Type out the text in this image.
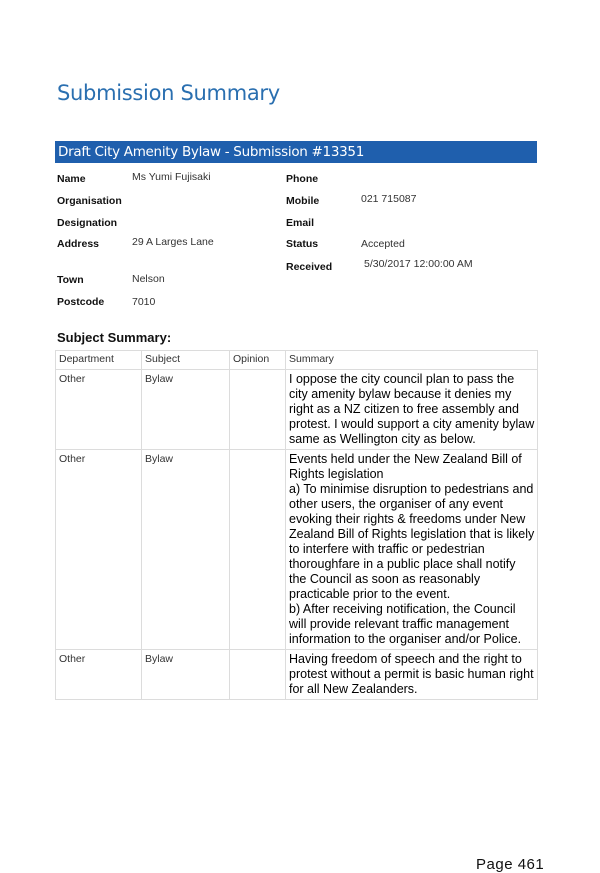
Submission Summary
Draft City Amenity Bylaw - Submission #13351
Name	Ms Yumi Fujisaki
Organisation
Designation
Address	29 A Larges Lane
Town	Nelson
Postcode	7010
Phone
Mobile	021 715087
Email
Status	Accepted
Received	5/30/2017 12:00:00 AM
Subject Summary:
Department	Subject	Opinion	Summary
Other	Bylaw		I oppose the city council plan to pass the city amenity bylaw because it denies my right as a NZ citizen to free assembly and protest. I would support a city amenity bylaw same as Wellington city as below.
Other	Bylaw		Events held under the New Zealand Bill of Rights legislation
a) To minimise disruption to pedestrians and other users, the organiser of any event evoking their rights & freedoms under New Zealand Bill of Rights legislation that is likely to interfere with traffic or pedestrian thoroughfare in a public place shall notify the Council as soon as reasonably practicable prior to the event.
b) After receiving notification, the Council will provide relevant traffic management information to the organiser and/or Police.

Other	Bylaw		Having freedom of speech and the right to protest without a permit is basic human right for all New Zealanders.
Page 461
